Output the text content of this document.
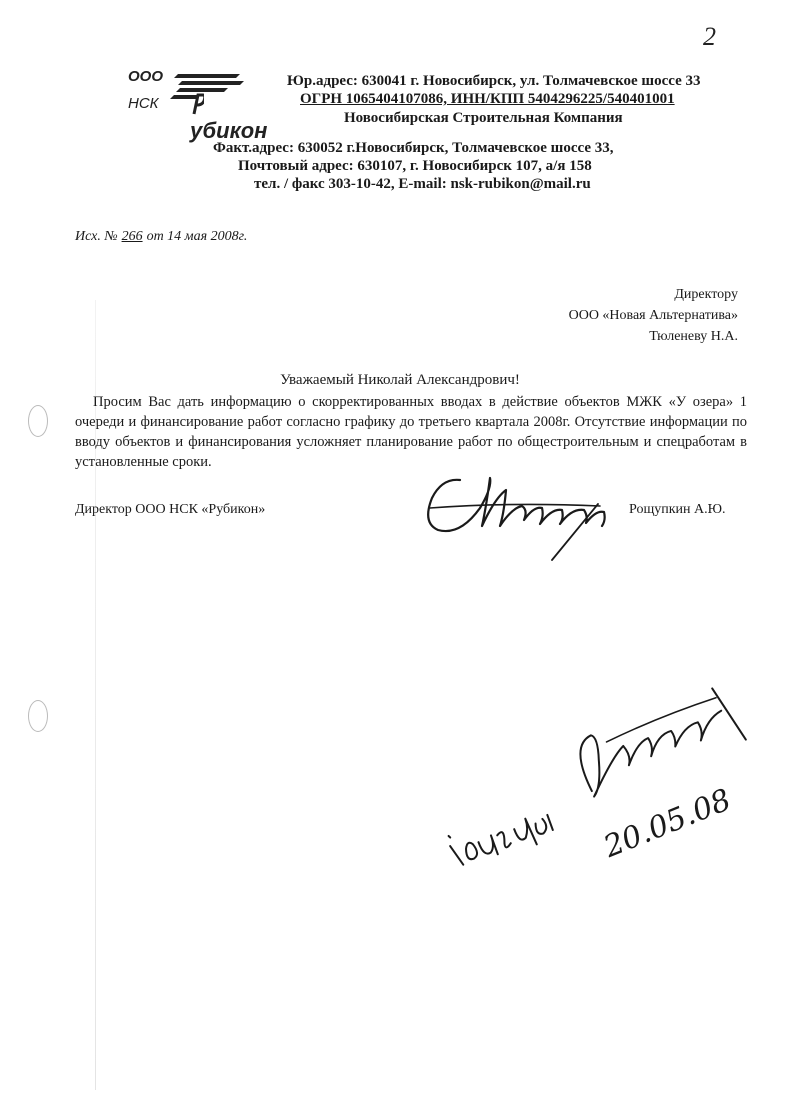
2
ООО
НСК
убикон
Юр.адрес: 630041 г. Новосибирск, ул. Толмачевское шоссе 33
ОГРН 1065404107086, ИНН/КПП 5404296225/540401001
Новосибирская Строительная Компания
Факт.адрес: 630052 г.Новосибирск, Толмачевское шоссе 33,
Почтовый адрес: 630107, г. Новосибирск 107, а/я 158
тел. / факс 303-10-42, E-mail: nsk-rubikon@mail.ru
Исх. № 266 от 14 мая 2008г.
Директору
ООО «Новая Альтернатива»
Тюленеву Н.А.
Уважаемый Николай Александрович!
Просим Вас дать информацию о скорректированных вводах в действие объектов МЖК «У озера» 1 очереди и финансирование работ согласно графику до третьего квартала 2008г. Отсутствие информации по вводу объектов и финансирования усложняет планирование работ по общестроительным и спецработам в установленные сроки.
Директор ООО НСК «Рубикон»	Рощупкин А.Ю.
20.05.08
